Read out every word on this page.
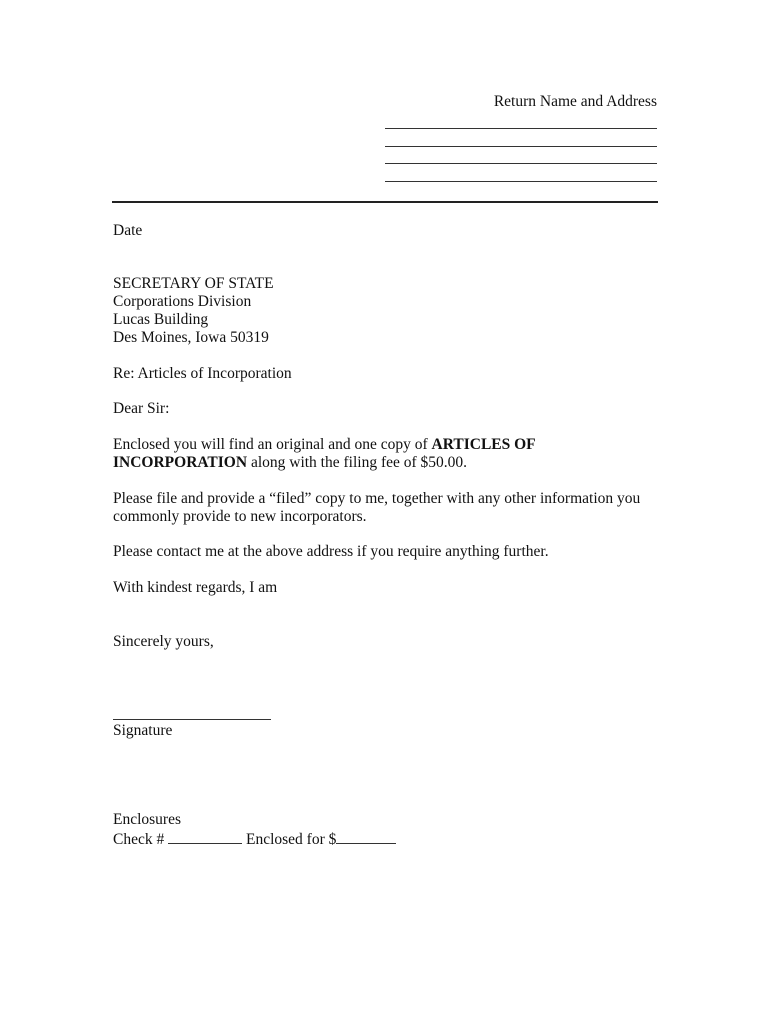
Return Name and Address
Date
SECRETARY OF STATE
Corporations Division
Lucas Building
Des Moines, Iowa 50319
Re: Articles of Incorporation
Dear Sir:
Enclosed you will find an original and one copy of ARTICLES OF
INCORPORATION along with the filing fee of $50.00.
Please file and provide a “filed” copy to me, together with any other information you commonly provide to new incorporators.
Please contact me at the above address if you require anything further.
With kindest regards, I am
Sincerely yours,
Signature
Enclosures
Check #	Enclosed for $
